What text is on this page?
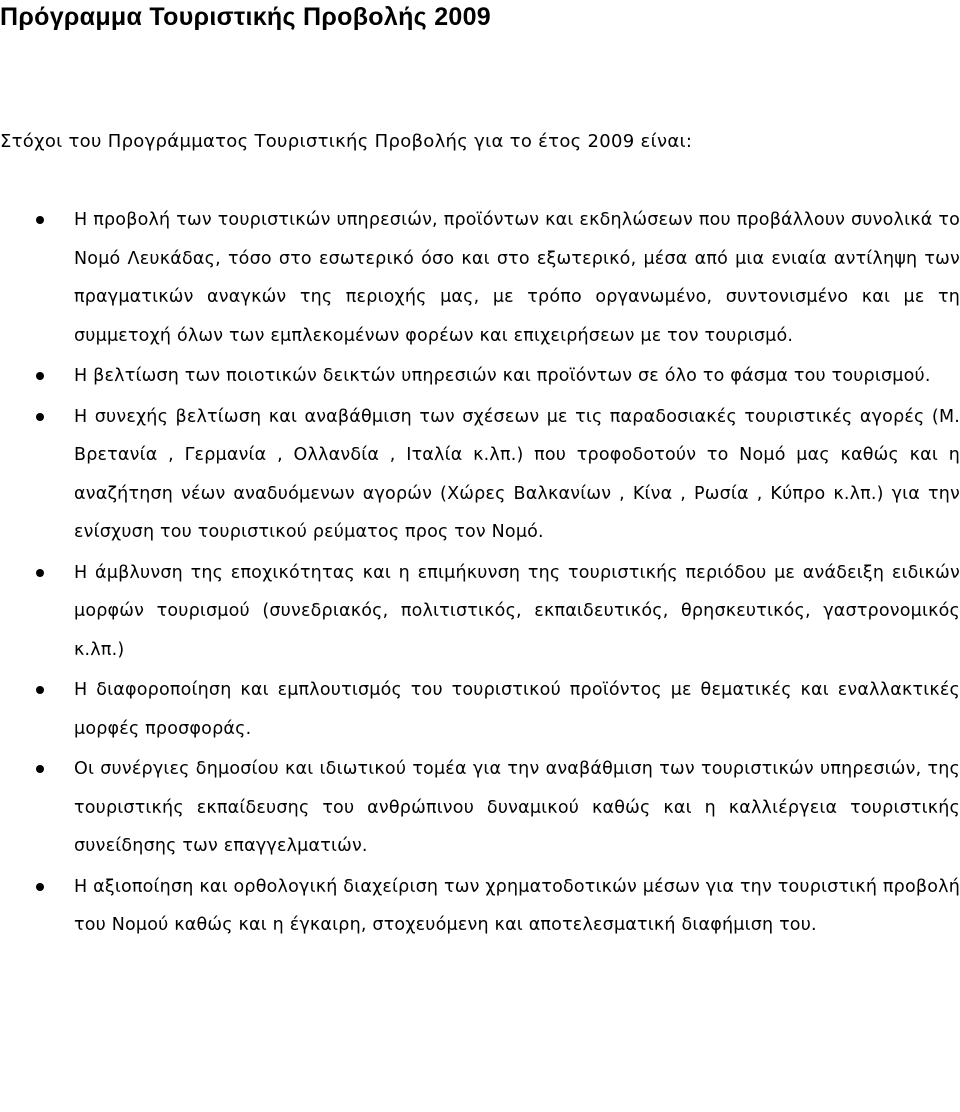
Πρόγραμμα Τουριστικής Προβολής 2009

Στόχοι του Προγράμματος Τουριστικής Προβολής για το έτος 2009 είναι:

Η προβολή των τουριστικών υπηρεσιών, προϊόντων και εκδηλώσεων που προβάλλουν συνολικά το Νομό Λευκάδας, τόσο στο εσωτερικό όσο και στο εξωτερικό, μέσα από μια ενιαία αντίληψη των πραγματικών αναγκών της περιοχής μας, με τρόπο οργανωμένο, συντονισμένο και με τη συμμετοχή όλων των εμπλεκομένων φορέων και επιχειρήσεων με τον τουρισμό.
Η βελτίωση των ποιοτικών δεικτών υπηρεσιών και προϊόντων σε όλο το φάσμα του τουρισμού.
Η συνεχής βελτίωση και αναβάθμιση των σχέσεων με τις παραδοσιακές τουριστικές αγορές (Μ. Βρετανία , Γερμανία , Ολλανδία , Ιταλία κ.λπ.) που τροφοδοτούν το Νομό μας καθώς και η αναζήτηση νέων αναδυόμενων αγορών (Χώρες Βαλκανίων , Κίνα , Ρωσία , Κύπρο κ.λπ.) για την ενίσχυση του τουριστικού ρεύματος προς τον Νομό.
Η άμβλυνση της εποχικότητας και η επιμήκυνση της τουριστικής περιόδου με ανάδειξη ειδικών μορφών τουρισμού (συνεδριακός, πολιτιστικός, εκπαιδευτικός, θρησκευτικός, γαστρονομικός κ.λπ.)
Η διαφοροποίηση και εμπλουτισμός του τουριστικού προϊόντος με θεματικές και εναλλακτικές μορφές προσφοράς.
Οι συνέργιες δημοσίου και ιδιωτικού τομέα για την αναβάθμιση των τουριστικών υπηρεσιών, της τουριστικής εκπαίδευσης του ανθρώπινου δυναμικού καθώς και η καλλιέργεια τουριστικής συνείδησης των επαγγελματιών.
Η αξιοποίηση και ορθολογική διαχείριση των χρηματοδοτικών μέσων για την τουριστική προβολή του Νομού καθώς και η έγκαιρη, στοχευόμενη και αποτελεσματική διαφήμιση του.
